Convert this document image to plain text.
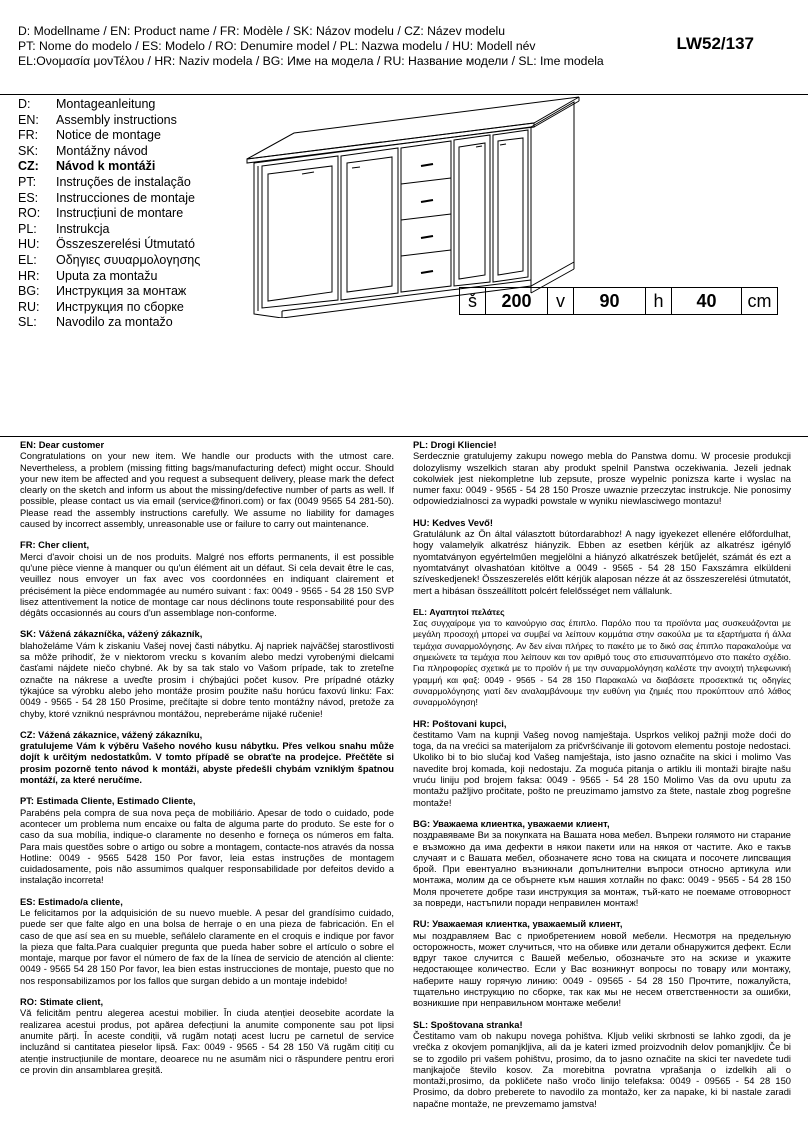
D: Modellname / EN: Product name / FR: Modèle / SK: Názov modelu / CZ: Název modelu
PT: Nome do modelo / ES: Modelo / RO: Denumire model / PL: Nazwa modelu / HU: Modell név
EL:Ονομασία μονΤέλου / HR: Naziv modela / BG: Име на модела / RU: Название модели / SL: Ime modela
LW52/137
D:	Montageanleitung
EN:	Assembly instructions
FR:	Notice de montage
SK:	Montážny návod
CZ:	Návod k montáži
PT:	Instruções de instalação
ES:	Instrucciones de montaje
RO:	Instrucțiuni de montare
PL:	Instrukcja
HU:	Összeszerelési Útmutató
EL:	Οδηγιες συυαρμολογησης
HR:	Uputa za montažu
BG:	Инструкция за монтаж
RU:	Инструкция по сборке
SL:	Navodilo za montažo
š	200	v	90	h	40	cm
EN: Dear customer
Congratulations on your new item. We handle our products with the utmost care. Nevertheless, a problem (missing fitting bags/manufacturing defect) might occur. Should your new item be affected and you request a subsequent delivery, please mark the defect clearly on the sketch and inform us about the missing/defective number of parts as well. If possible, please contact us via email (service@finori.com) or fax (0049 9565 54 281-50). Please read the assembly instructions carefully. We assume no liability for damages caused by incorrect assembly, unreasonable use or failure to carry out maintenance.
FR: Cher client,
Merci d'avoir choisi un de nos produits. Malgré nos efforts permanents, il est possible qu'une pièce vienne à manquer ou qu'un élément ait un défaut. Si cela devait être le cas, veuillez nous envoyer un fax avec vos coordonnées en indiquant clairement et précisément la pièce endommagée au numéro suivant : fax: 0049 - 9565 - 54 28 150 SVP lisez attentivement la notice de montage car nous déclinons toute responsabilité pour des dégâts occasionnés au cours d'un assemblage non-conforme.
SK: Vážená zákazníčka, vážený zákazník,
blahoželáme Vám k ziskaniu Vašej novej časti nábytku. Aj napriek najväčšej starostlivosti sa môže prihodiť, že v niektorom vrecku s kovaním alebo medzi vyrobenými dielcami časťami nájdete niečo chybné. Ak by sa tak stalo vo Vašom prípade, tak to zreteľne označte na nákrese a uveďte prosim i chýbajúci počet kusov. Pre prípadné otázky týkajúce sa výrobku alebo jeho montáže prosim použite našu horúcu faxovú linku: Fax: 0049 - 9565 - 54 28 150 Prosime, prečítajte si dobre tento montážny návod, pretože za chyby, ktoré vzniknú nesprávnou montážou, nepreberáme nijaké ručenie!
CZ: Vážená zákaznice, vážený zákazníku,
gratulujeme Vám k výběru Vašeho nového kusu nábytku. Přes velkou snahu může dojít k určitým nedostatkům. V tomto případě se obraťte na prodejce. Přečtěte si prosim pozorně tento návod k montáži, abyste předešli chybám vzniklým špatnou montáží, za které neručíme.
PT: Estimada Cliente, Estimado Cliente,
Parabéns pela compra de sua nova peça de mobiliário. Apesar de todo o cuidado, pode acontecer um problema num encaixe ou falta de alguma parte do produto. Se este for o caso da sua mobília, indique-o claramente no desenho e forneça os números em falta. Para mais questões sobre o artigo ou sobre a montagem, contacte-nos através da nossa Hotline: 0049 - 9565 5428 150 Por favor, leia estas instruções de montagem cuidadosamente, pois não assumimos qualquer responsabilidade por defeitos devido a instalação incorreta!
ES: Estimado/a cliente,
Le felicitamos por la adquisición de su nuevo mueble. A pesar del grandísimo cuidado, puede ser que falte algo en una bolsa de herraje o en una pieza de fabricación. En el caso de que así sea en su mueble, señálelo claramente en el croquis e indique por favor la pieza que falta.Para cualquier pregunta que pueda haber sobre el artículo o sobre el montaje, marque por favor el número de fax de la línea de servicio de atención al cliente: 0049 - 9565 54 28 150 Por favor, lea bien estas instrucciones de montaje, puesto que no nos responsabilizamos por los fallos que surgan debido a un montaje indebido!
RO: Stimate client,
Vă felicităm pentru alegerea acestui mobilier. În ciuda atenției deosebite acordate la realizarea acestui produs, pot apărea defecțiuni la anumite componente sau pot lipsi anumite părți. În aceste condiții, vă rugăm notați acest lucru pe carnetul de service incluzând si cantitatea pieselor lipsă. Fax: 0049 - 9565 - 54 28 150 Vă rugăm citiți cu atenție instrucțiunile de montare, deoarece nu ne asumăm nici o răspundere pentru erori ce provin din ansamblarea greșită.
PL: Drogi Kliencie!
Serdecznie gratulujemy zakupu nowego mebla do Panstwa domu. W procesie produkcji dolozylismy wszelkich staran aby produkt spelnil Panstwa oczekiwania. Jezeli jednak cokolwiek jest niekompletne lub zepsute, prosze wypelnic ponizsza karte i wyslac na numer faxu: 0049 - 9565 - 54 28 150 Prosze uwaznie przeczytac instrukcje. Nie ponosimy odpowiedzialnosci za wypadki powstale w wyniku niewlasciwego montazu!
HU: Kedves Vevő!
Gratulálunk az Ön által választott bútordarabhoz! A nagy igyekezet ellenére előfordulhat, hogy valamelyik alkatrész hiányzik. Ebben az esetben kérjük az alkatrész igénylő nyomtatványon egyértelműen megjelölni a hiányzó alkatrészek betűjelét, számát és ezt a nyomtatványt olvashatóan kitöltve a 0049 - 9565 - 54 28 150 Faxszámra elküldeni szíveskedjenek! Összeszerelés előtt kérjük alaposan nézze át az összeszerelési útmutatót, mert a hibásan összeállított polcért felelősséget nem vállalunk.
EL: Αγαπητοί πελάτες
Σας συγχαίρομε για το καινούργιο σας έπιπλο. Παρόλο που τα προϊόντα μας συσκευάζονται με μεγάλη προσοχή μπορεί να συμβεί να λείπουν κομμάτια στην σακούλα με τα εξαρτήματα ή άλλα τεμάχια συναρμολόγησης. Αν δεν είναι πλήρες το πακέτο με το δικό σας έπιπλο παρακαλούμε να σημειώνετε τα τεμάχια που λείπουν και τον αριθμό τους στο επισυναπτόμενο στο πακέτο σχέδιο. Για πληροφορίες σχετικά με το προϊόν ή με την συναρμολόγηση καλέστε την ανοιχτή τηλεφωνική γραμμή και φαξ: 0049 - 9565 - 54 28 150 Παρακαλώ να διαβάσετε προσεκτικά τις οδηγίες συναρμολόγησης γιατί δεν αναλαμβάνουμε την ευθύνη για ζημιές που προκύπτουν από λάθος συναρμολόγηση!
HR: Poštovani kupci,
čestitamo Vam na kupnji Vašeg novog namještaja. Usprkos velikoj pažnji može doći do toga, da na vrećici sa materijalom za pričvršćivanje ili gotovom elementu postoje nedostaci. Ukoliko bi to bio slučaj kod Vašeg namještaja, isto jasno označite na skici i molimo Vas navedite broj komada, koji nedostaju. Za moguća pitanja o artiklu ili montaži birajte našu vruću liniju pod brojem faksa: 0049 - 9565 - 54 28 150 Molimo Vas da ovu uputu za montažu pažljivo pročitate, pošto ne preuzimamo jamstvo za štete, nastale zbog pogrešne montaže!
BG: Уважаема клиентка, уважаеми клиент,
поздравяваме Ви за покупката на Вашата нова мебел. Въпреки голямото ни старание е възможно да има дефекти в някои пакети или на някоя от частите. Ако е такъв случаят и с Вашата мебел, обозначете ясно това на скицата и посочете липсващия брой. При евентуално възникнали допълнителни въпроси относно артикула или монтажа, молим да се обърнете към нашия хотлайн по факс: 0049 - 9565 - 54 28 150 Моля прочетете добре тази инструкция за монтаж, тъй-като не поемаме отговорност за повреди, настъпили поради неправилен монтаж!
RU: Уважаемая клиентка, уважаемый клиент,
мы поздравляем Вас с приобретением новой мебели. Несмотря на предельную осторожность, может случиться, что на обивке или детали обнаружится дефект. Если вдруг такое случится с Вашей мебелью, обозначьте это на эскизе и укажите недостающее количество. Если у Вас возникнут вопросы по товару или монтажу, наберите нашу горячую линию: 0049 - 09565 - 54 28 150 Прочтите, пожалуйста, тщательно инструкцию по сборке, так как мы не несем ответственности за ошибки, возникшие при неправильном монтаже мебели!
SL: Spoštovana stranka!
Čestitamo vam ob nakupu novega pohištva. Kljub veliki skrbnosti se lahko zgodi, da je vrečka z okovjem pomanjkljiva, ali da je kateri izmed proizvodnih delov pomanjkljiv. Če bi se to zgodilo pri vašem pohištvu, prosimo, da to jasno označite na skici ter navedete tudi manjkajoče število kosov. Za morebitna povratna vprašanja o izdelkih ali o montaži,prosimo, da pokličete našo vročo linijo telefaksa: 0049 - 09565 - 54 28 150 Prosimo, da dobro preberete to navodilo za montažo, ker za napake, ki bi nastale zaradi napačne montaže, ne prevzemamo jamstva!
